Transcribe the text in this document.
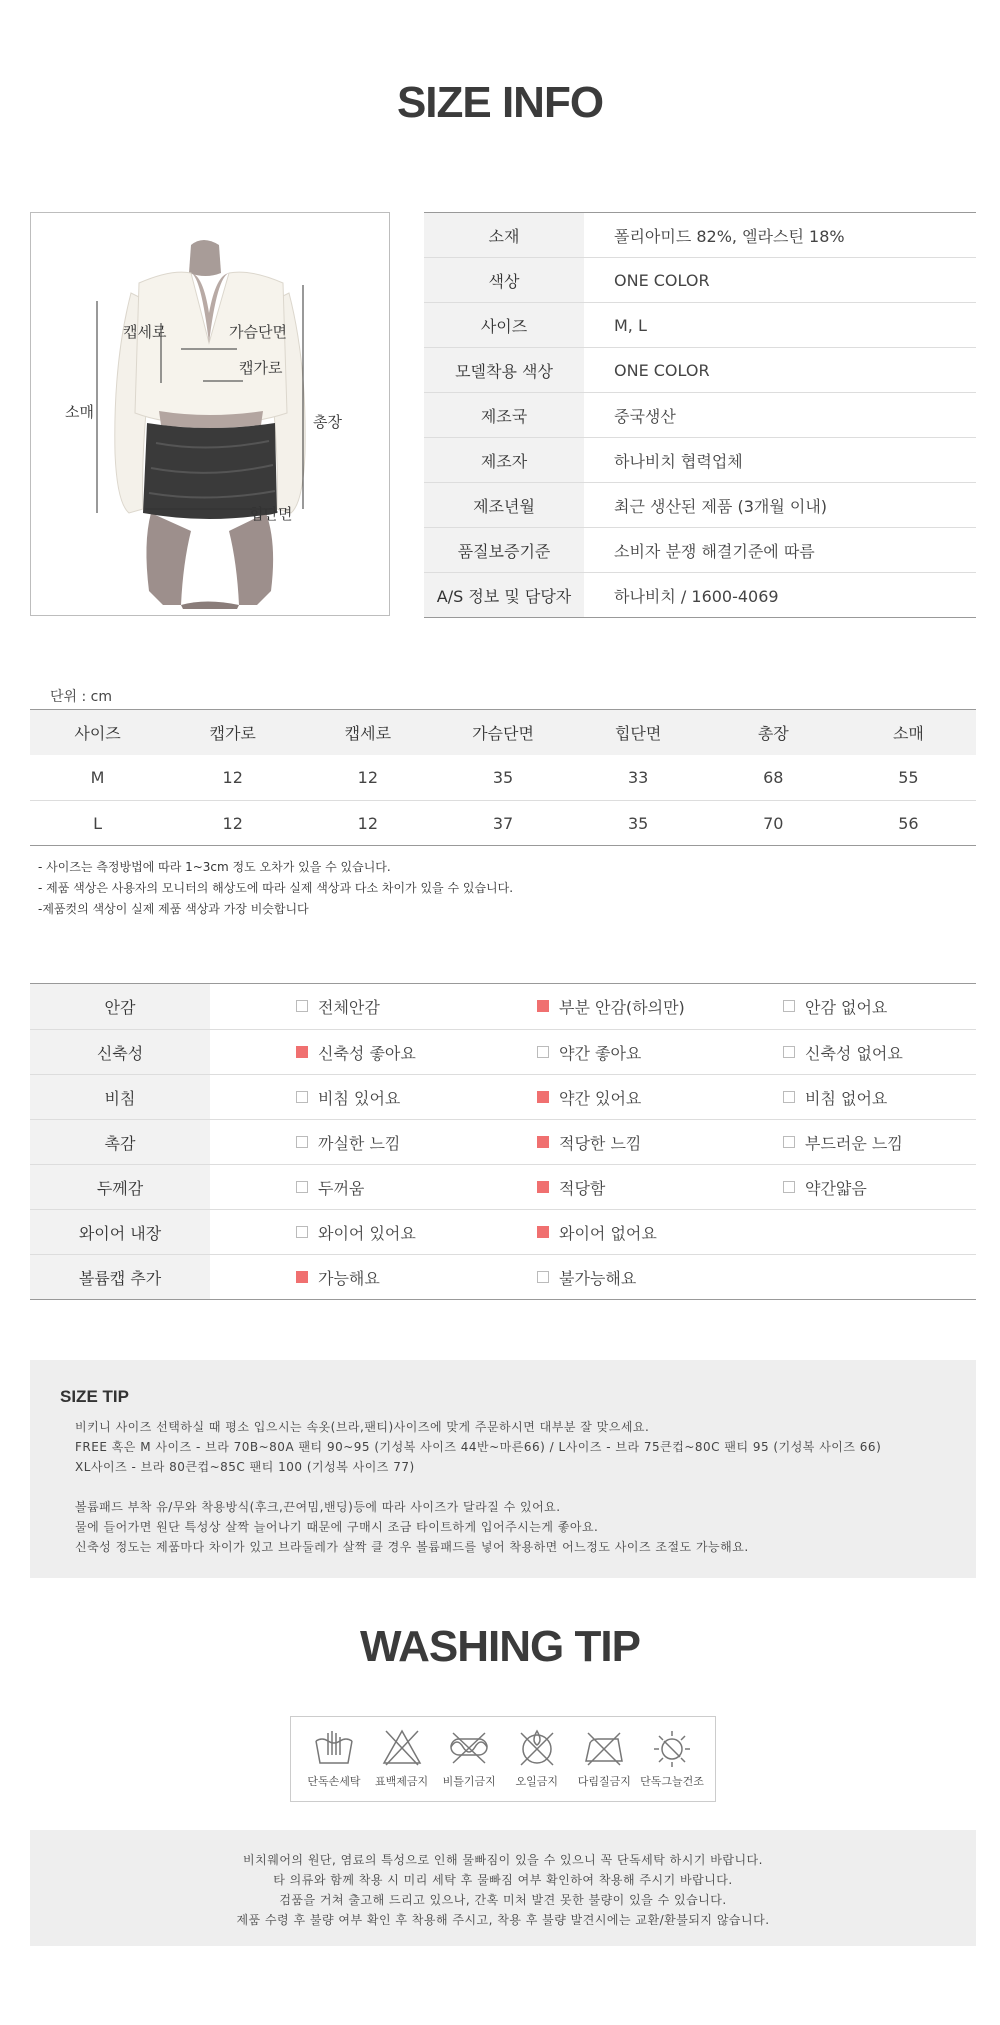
SIZE INFO
캡세로	가슴단면
캡가로
소매
총장
힙단면
소재	폴리아미드 82%, 엘라스틴 18%
색상	ONE COLOR
사이즈	M, L
모델착용 색상	ONE COLOR
제조국	중국생산
제조자	하나비치 협력업체
제조년월	최근 생산된 제품 (3개월 이내)
품질보증기준	소비자 분쟁 해결기준에 따름
A/S 정보 및 담당자	하나비치 / 1600-4069
단위 : cm
사이즈	캡가로	캡세로	가슴단면	힙단면	총장	소매
M	12	12	35	33	68	55
L	12	12	37	35	70	56
- 사이즈는 측정방법에 따라 1~3cm 정도 오차가 있을 수 있습니다.
- 제품 색상은 사용자의 모니터의 해상도에 따라 실제 색상과 다소 차이가 있을 수 있습니다.
-제품컷의 색상이 실제 제품 색상과 가장 비슷합니다
안감	전체안감	부분 안감(하의만)	안감 없어요
신축성	신축성 좋아요	약간 좋아요	신축성 없어요
비침	비침 있어요	약간 있어요	비침 없어요
촉감	까실한 느낌	적당한 느낌	부드러운 느낌
두께감	두꺼움	적당함	약간얇음
와이어 내장	와이어 있어요	와이어 없어요
볼륨캡 추가	가능해요	불가능해요
SIZE TIP
비키니 사이즈 선택하실 때 평소 입으시는 속옷(브라,팬티)사이즈에 맞게 주문하시면 대부분 잘 맞으세요.
FREE 혹은 M 사이즈 - 브라 70B~80A 팬티 90~95 (기성복 사이즈 44반~마른66) / L사이즈 - 브라 75큰컵~80C 팬티 95 (기성복 사이즈 66)
XL사이즈 - 브라 80큰컵~85C 팬티 100 (기성복 사이즈 77)
볼륨패드 부착 유/무와 착용방식(후크,끈여밈,밴딩)등에 따라 사이즈가 달라질 수 있어요.
물에 들어가면 원단 특성상 살짝 늘어나기 때문에 구매시 조금 타이트하게 입어주시는게 좋아요.
신축성 정도는 제품마다 차이가 있고 브라둘레가 살짝 클 경우 볼륨패드를 넣어 착용하면 어느정도 사이즈 조절도 가능해요.
WASHING TIP
단독손세탁 표백제금지 비틀기금지 오일금지 다림질금지 단독그늘건조
비치웨어의 원단, 염료의 특성으로 인해 물빠짐이 있을 수 있으니 꼭 단독세탁 하시기 바랍니다.
타 의류와 함께 착용 시 미리 세탁 후 물빠짐 여부 확인하여 착용해 주시기 바랍니다.
검품을 거쳐 출고해 드리고 있으나, 간혹 미처 발견 못한 불량이 있을 수 있습니다.
제품 수령 후 불량 여부 확인 후 착용해 주시고, 착용 후 불량 발견시에는 교환/환불되지 않습니다.
